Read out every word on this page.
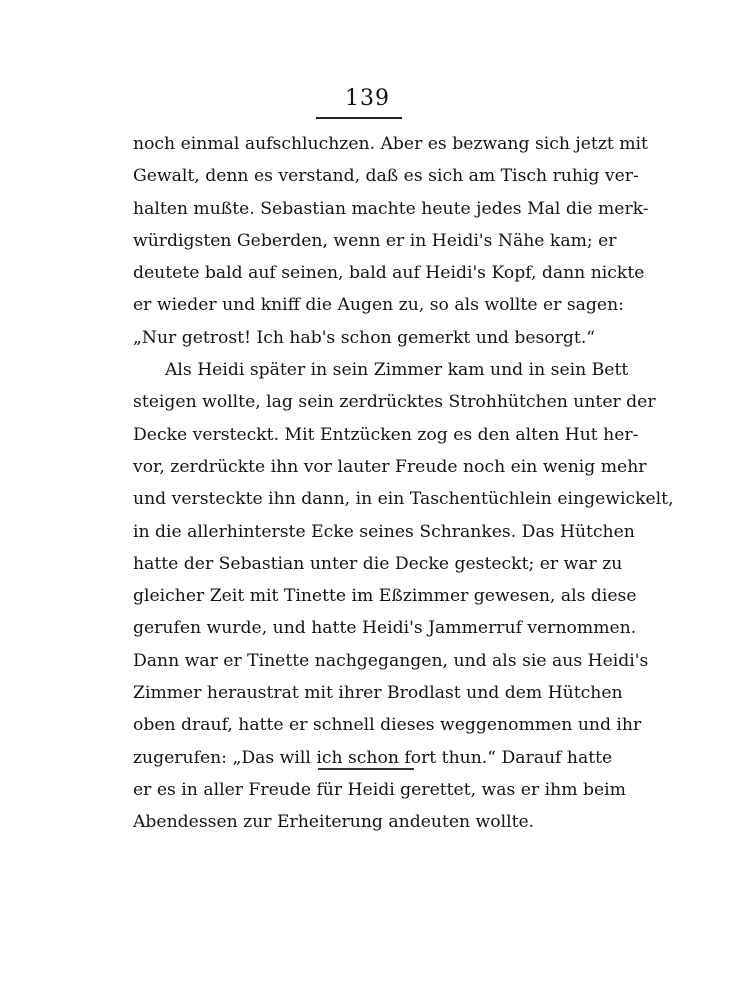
139
noch einmal aufschluchzen. Aber es bezwang sich jetzt mit
Gewalt, denn es verstand, daß es sich am Tisch ruhig ver-
halten mußte. Sebastian machte heute jedes Mal die merk-
würdigsten Geberden, wenn er in Heidi's Nähe kam; er
deutete bald auf seinen, bald auf Heidi's Kopf, dann nickte
er wieder und kniff die Augen zu, so als wollte er sagen:
„Nur getrost! Ich hab's schon gemerkt und besorgt.“
Als Heidi später in sein Zimmer kam und in sein Bett
steigen wollte, lag sein zerdrücktes Strohhütchen unter der
Decke versteckt. Mit Entzücken zog es den alten Hut her-
vor, zerdrückte ihn vor lauter Freude noch ein wenig mehr
und versteckte ihn dann, in ein Taschentüchlein eingewickelt,
in die allerhinterste Ecke seines Schrankes. Das Hütchen
hatte der Sebastian unter die Decke gesteckt; er war zu
gleicher Zeit mit Tinette im Eßzimmer gewesen, als diese
gerufen wurde, und hatte Heidi's Jammerruf vernommen.
Dann war er Tinette nachgegangen, und als sie aus Heidi's
Zimmer heraustrat mit ihrer Brodlast und dem Hütchen
oben drauf, hatte er schnell dieses weggenommen und ihr
zugerufen: „Das will ich schon fort thun.“ Darauf hatte
er es in aller Freude für Heidi gerettet, was er ihm beim
Abendessen zur Erheiterung andeuten wollte.
